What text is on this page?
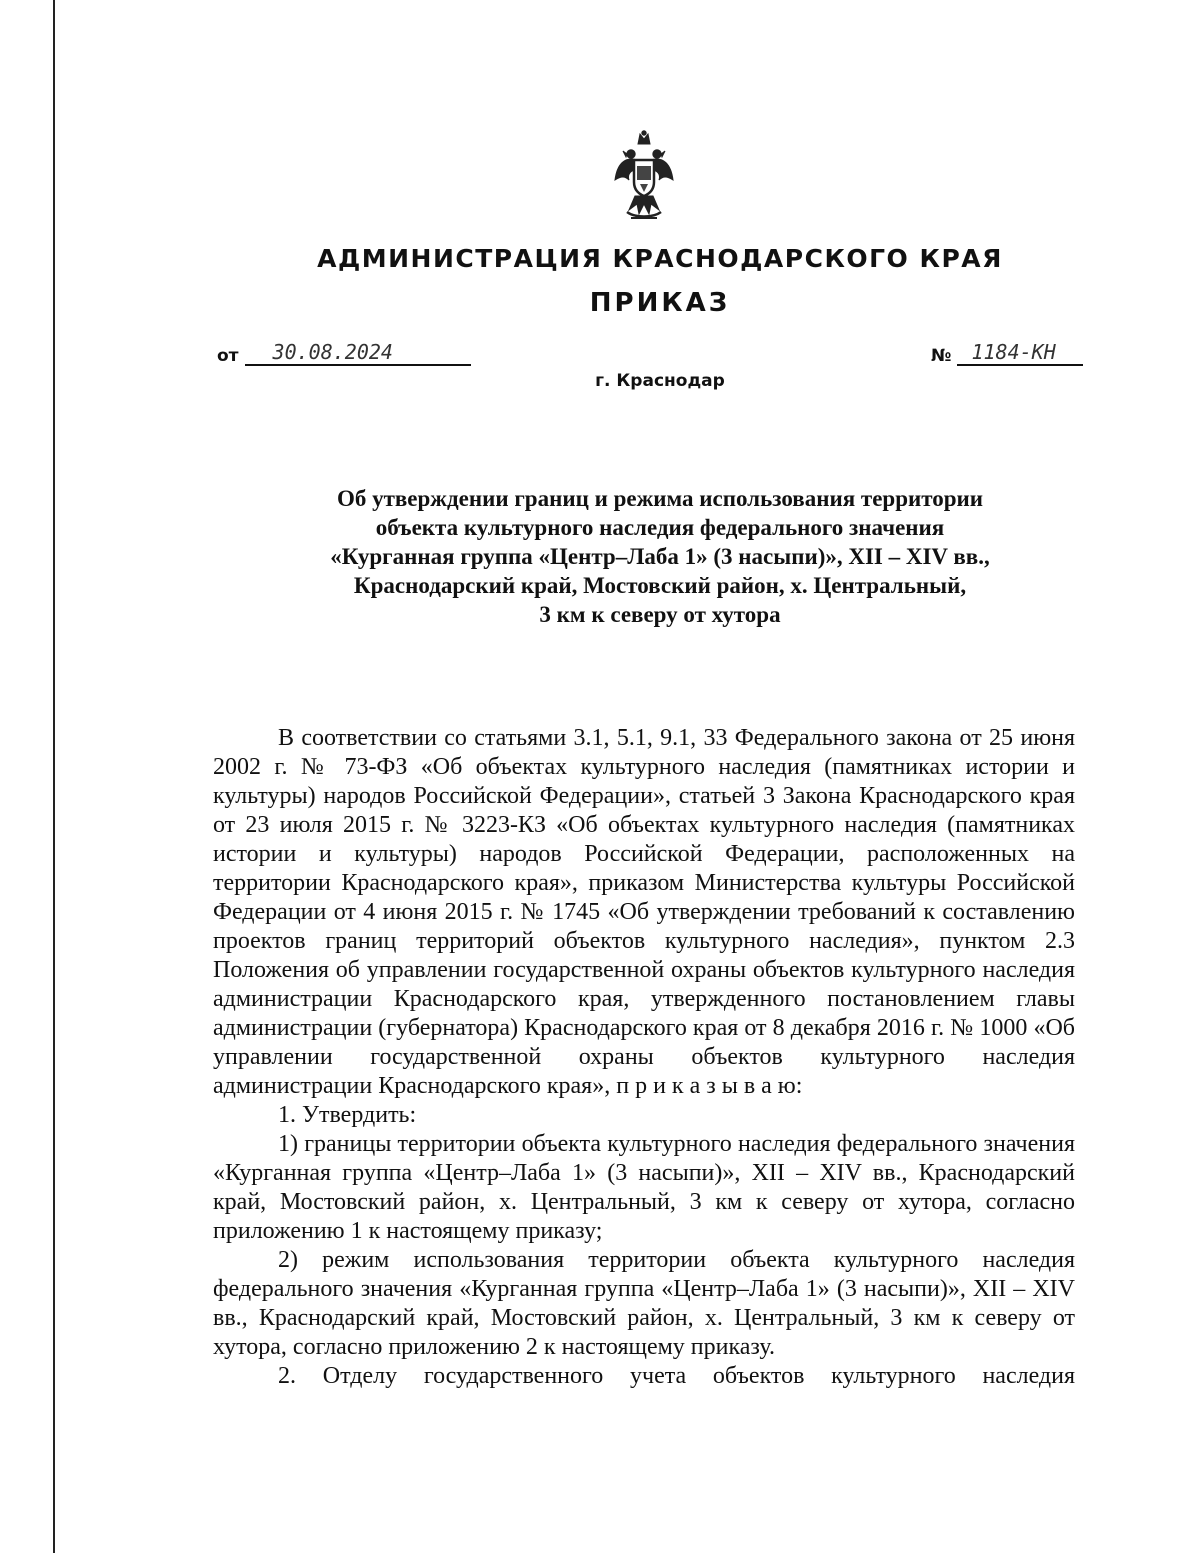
АДМИНИСТРАЦИЯ КРАСНОДАРСКОГО КРАЯ
ПРИКАЗ
от	30.08.2024	№	1184-КН
г. Краснодар
Об утверждении границ и режима использования территории
объекта культурного наследия федерального значения
«Курганная группа «Центр–Лаба 1» (3 насыпи)», XII – XIV вв.,
Краснодарский край, Мостовский район, х. Центральный,
3 км к северу от хутора

В соответствии со статьями 3.1, 5.1, 9.1, 33 Федерального закона от 25 июня 2002 г. № 73-ФЗ «Об объектах культурного наследия (памятниках истории и культуры) народов Российской Федерации», статьей 3 Закона Краснодарского края от 23 июля 2015 г. № 3223-КЗ «Об объектах культурного наследия (памятниках истории и культуры) народов Российской Федерации, расположенных на территории Краснодарского края», приказом Министерства культуры Российской Федерации от 4 июня 2015 г. № 1745 «Об утверждении требований к составлению проектов границ территорий объектов культурного наследия», пунктом 2.3 Положения об управлении государственной охраны объектов культурного наследия администрации Краснодарского края, утвержденного постановлением главы администрации (губернатора) Краснодарского края от 8 декабря 2016 г. № 1000 «Об управлении государственной охраны объектов культурного наследия администрации Краснодарского края», п р и к а з ы в а ю:

1. Утвердить:

1) границы территории объекта культурного наследия федерального значения «Курганная группа «Центр–Лаба 1» (3 насыпи)», XII – XIV вв., Краснодарский край, Мостовский район, х. Центральный, 3 км к северу от хутора, согласно приложению 1 к настоящему приказу;

2) режим использования территории объекта культурного наследия федерального значения «Курганная группа «Центр–Лаба 1» (3 насыпи)», XII – XIV вв., Краснодарский край, Мостовский район, х. Центральный, 3 км к северу от хутора, согласно приложению 2 к настоящему приказу.

2. Отделу государственного учета объектов культурного наследия
